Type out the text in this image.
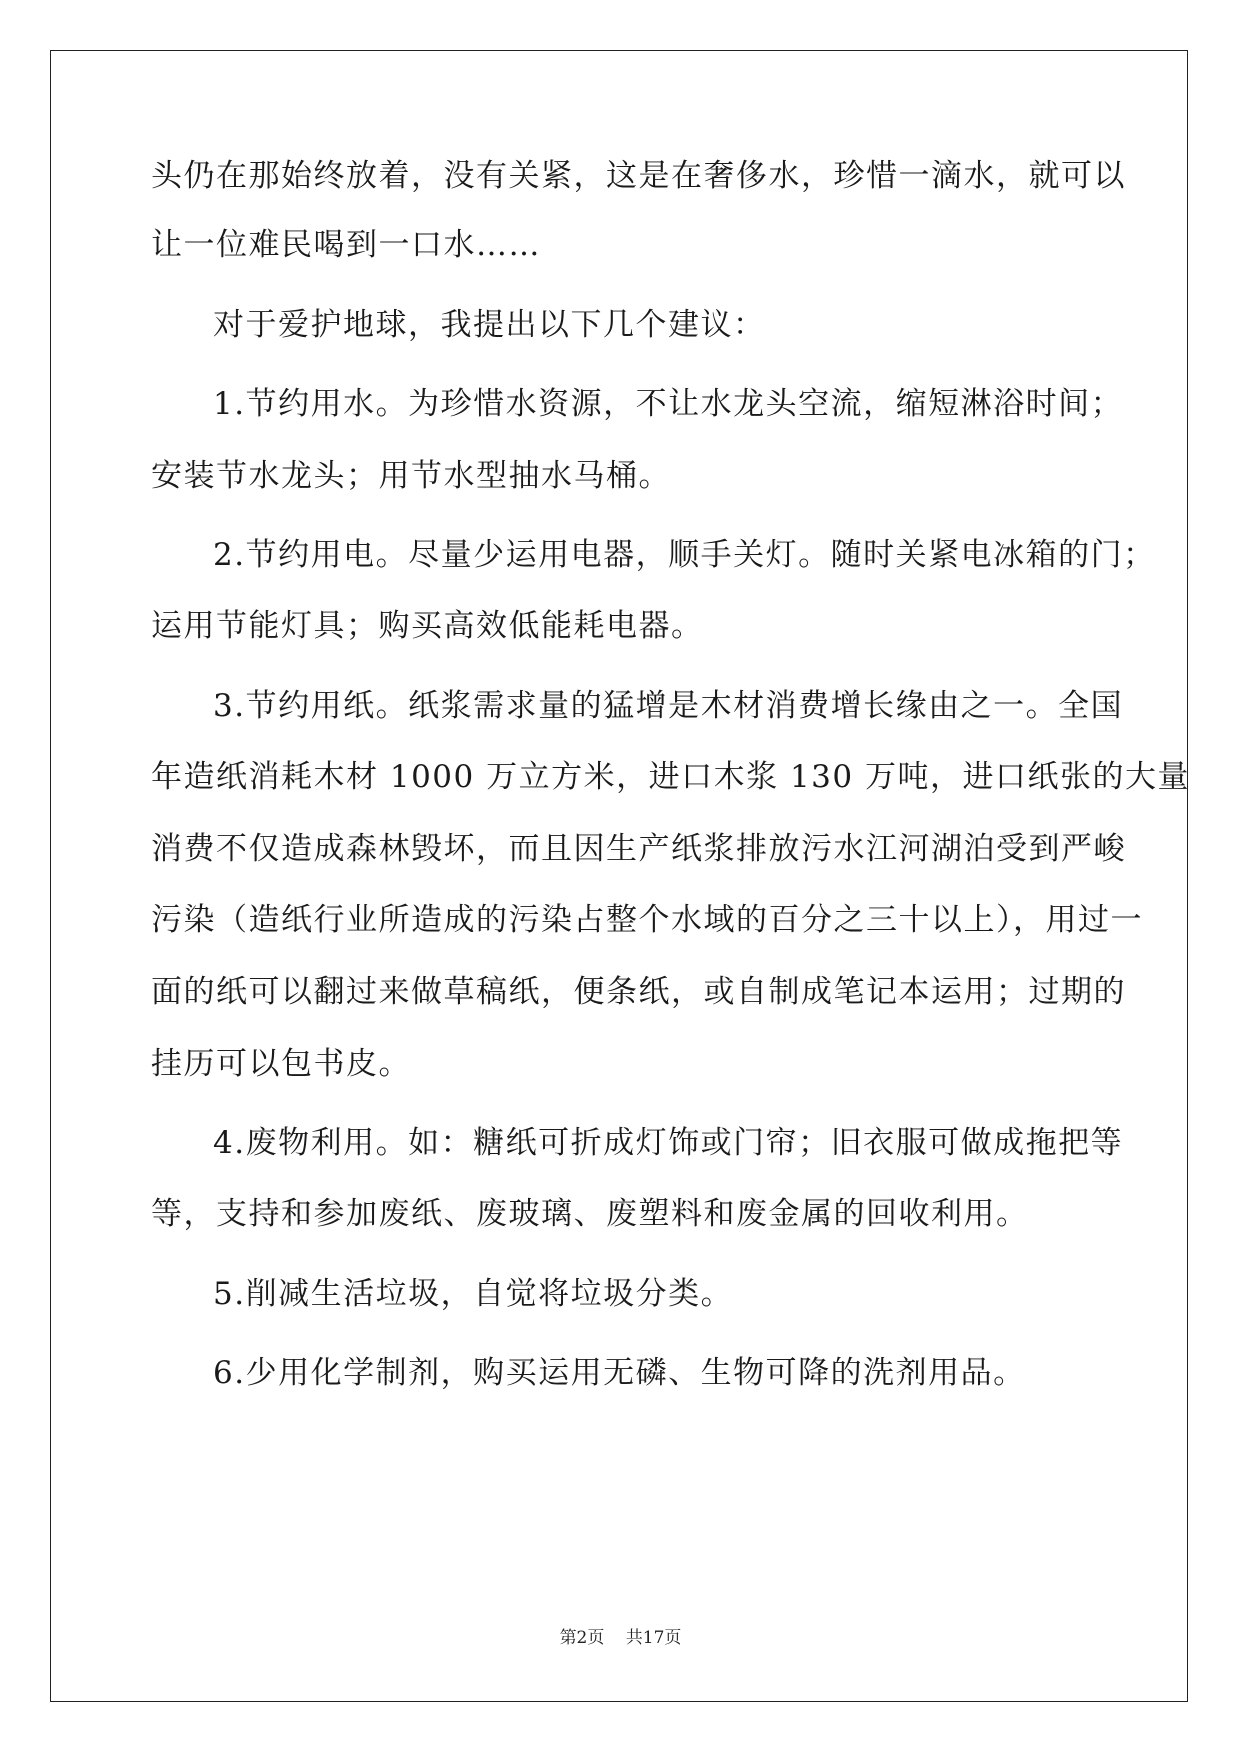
头仍在那始终放着，没有关紧，这是在奢侈水，珍惜一滴水，就可以
让一位难民喝到一口水……
对于爱护地球，我提出以下几个建议：
1.节约用水。为珍惜水资源，不让水龙头空流，缩短淋浴时间；
安装节水龙头；用节水型抽水马桶。
2.节约用电。尽量少运用电器，顺手关灯。随时关紧电冰箱的门；
运用节能灯具；购买高效低能耗电器。
3.节约用纸。纸浆需求量的猛增是木材消费增长缘由之一。全国
年造纸消耗木材 1000 万立方米，进口木浆 130 万吨，进口纸张的大量
消费不仅造成森林毁坏，而且因生产纸浆排放污水江河湖泊受到严峻
污染（造纸行业所造成的污染占整个水域的百分之三十以上），用过一
面的纸可以翻过来做草稿纸，便条纸，或自制成笔记本运用；过期的
挂历可以包书皮。
4.废物利用。如：糖纸可折成灯饰或门帘；旧衣服可做成拖把等
等，支持和参加废纸、废玻璃、废塑料和废金属的回收利用。
5.削减生活垃圾，自觉将垃圾分类。
6.少用化学制剂，购买运用无磷、生物可降的洗剂用品。
第2页 共17页
